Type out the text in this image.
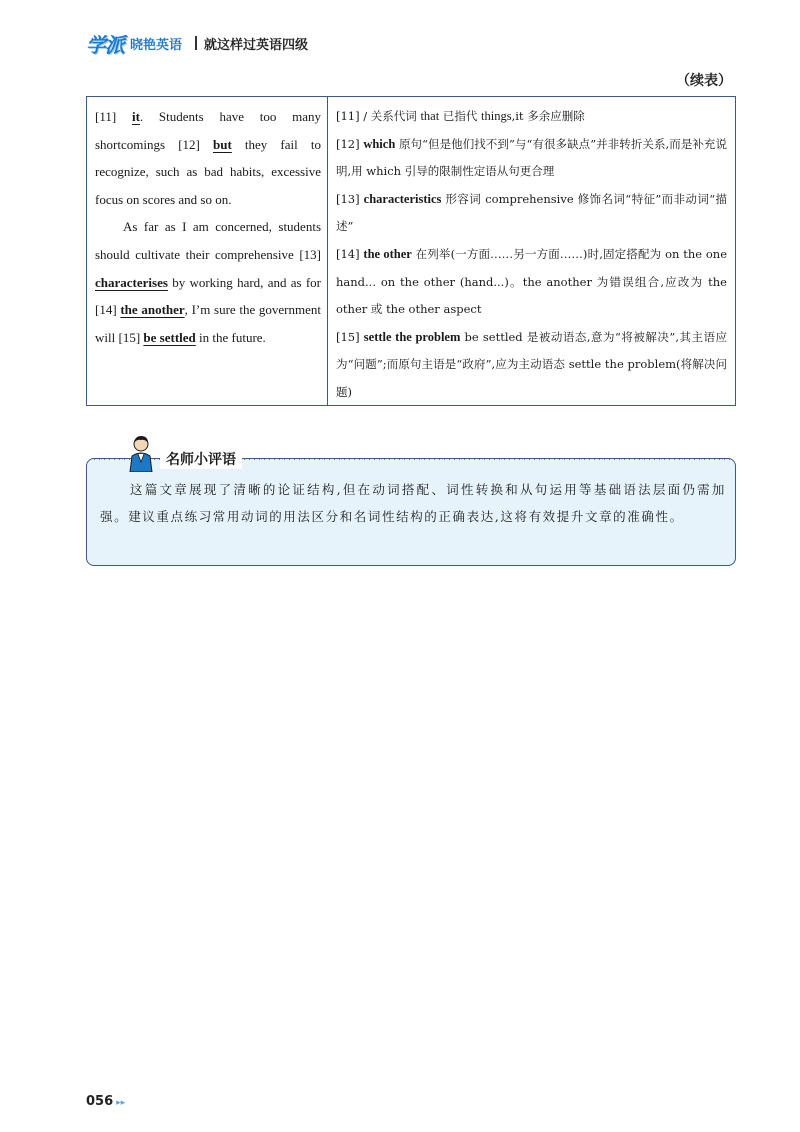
学派 晓艳英语 就这样过英语四级
（续表）

[11] it. Students have too many shortcomings [12] but they fail to recognize, such as bad habits, excessive focus on scores and so on.

As far as I am concerned, students should cultivate their comprehensive [13] characterises by working hard, and as for [14] the another, I’m sure the government will [15] be settled in the future.

[11] / 关系代词 that 已指代 things,it 多余应删除
[12] which 原句“但是他们找不到”与“有很多缺点”并非转折关系,而是补充说明,用 which 引导的限制性定语从句更合理
[13] characteristics 形容词 comprehensive 修饰名词“特征”而非动词“描述”
[14] the other 在列举(一方面……另一方面……)时,固定搭配为 on the one hand... on the other (hand...)。the another 为错误组合,应改为 the other 或 the other aspect
[15] settle the problem be settled 是被动语态,意为“将被解决”,其主语应为“问题”;而原句主语是“政府”,应为主动语态 settle the problem(将解决问题)
名师小评语

这篇文章展现了清晰的论证结构,但在动词搭配、词性转换和从句运用等基础语法层面仍需加强。建议重点练习常用动词的用法区分和名词性结构的正确表达,这将有效提升文章的准确性。

056 ▸▸
